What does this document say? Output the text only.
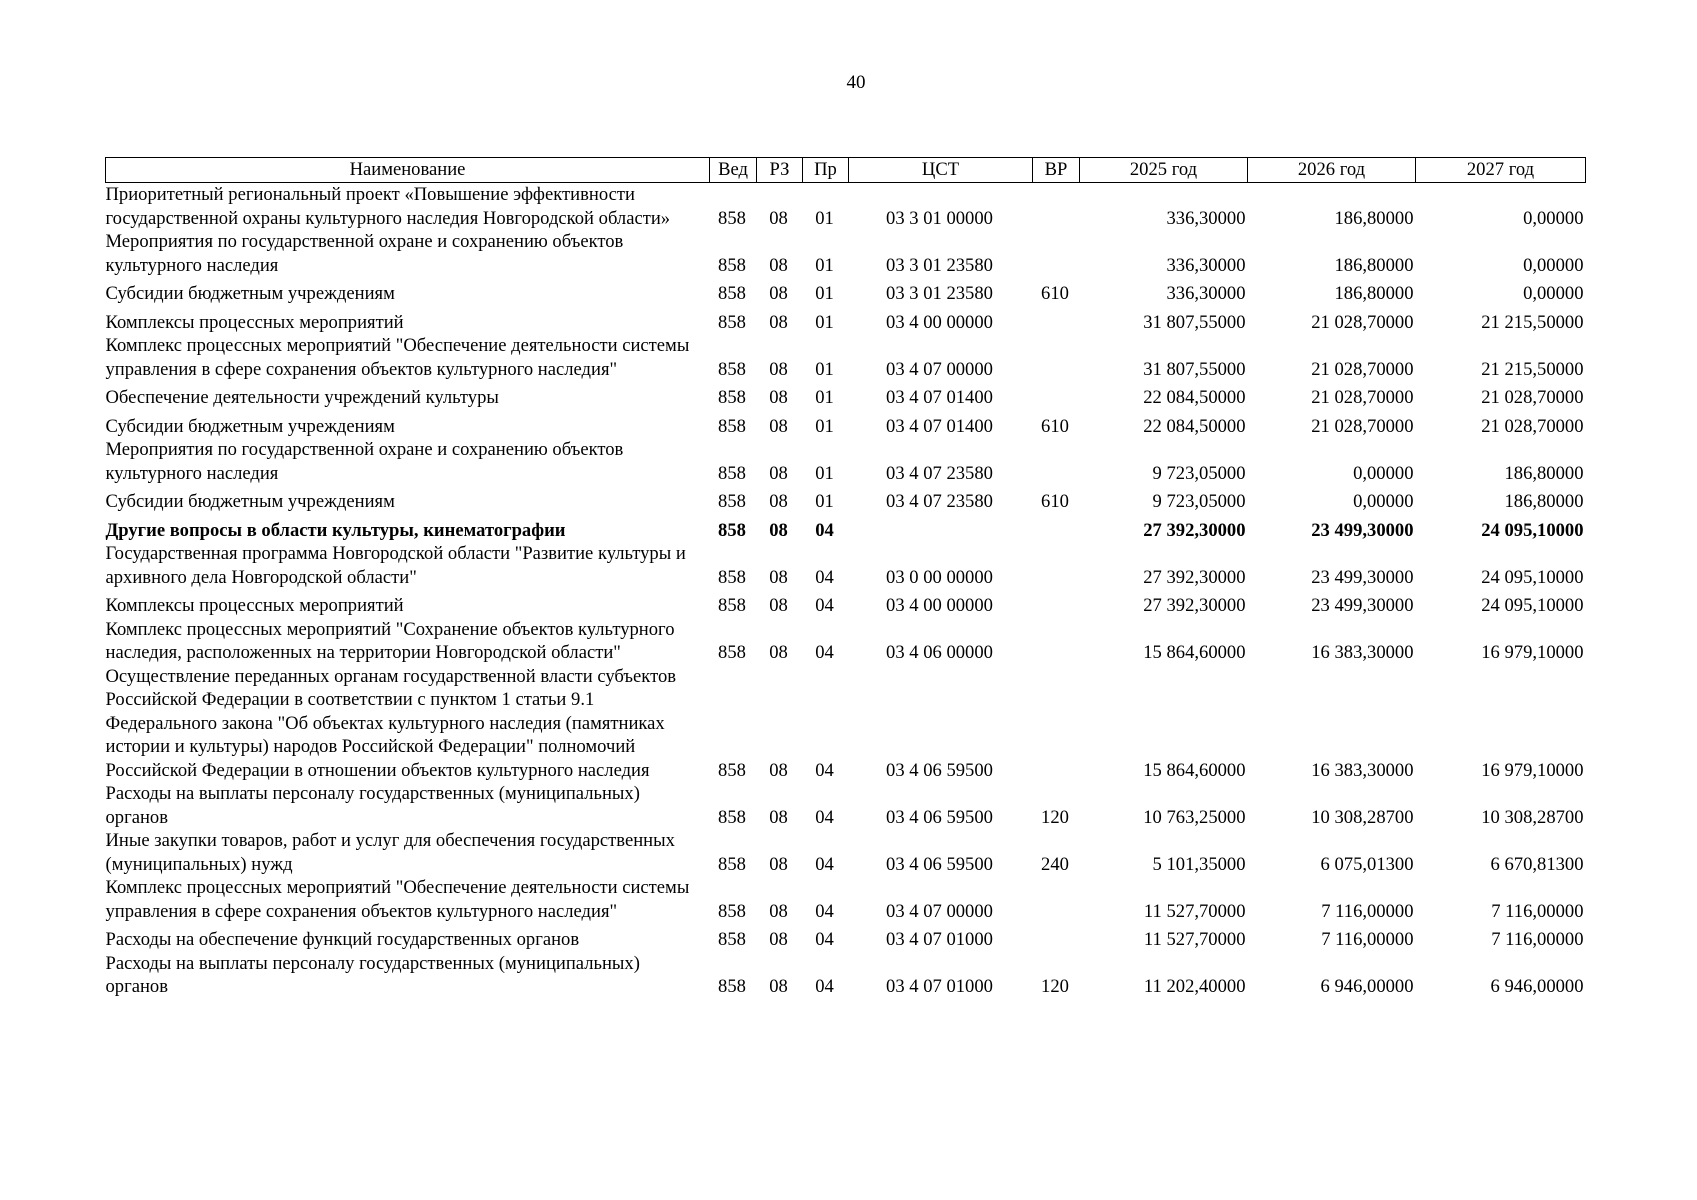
40
Наименование	Вед	РЗ	Пр	ЦСТ	ВР	2025 год	2026 год	2027 год
Приоритетный региональный проект «Повышение эффективности государственной охраны культурного наследия Новгородской области»	858	08	01	03 3 01 00000		336,30000	186,80000	0,00000
Мероприятия по государственной охране и сохранению объектов культурного наследия	858	08	01	03 3 01 23580		336,30000	186,80000	0,00000
Субсидии бюджетным учреждениям	858	08	01	03 3 01 23580	610	336,30000	186,80000	0,00000
Комплексы процессных мероприятий	858	08	01	03 4 00 00000		31 807,55000	21 028,70000	21 215,50000
Комплекс процессных мероприятий "Обеспечение деятельности системы управления в сфере сохранения объектов культурного наследия"	858	08	01	03 4 07 00000		31 807,55000	21 028,70000	21 215,50000
Обеспечение деятельности учреждений культуры	858	08	01	03 4 07 01400		22 084,50000	21 028,70000	21 028,70000
Субсидии бюджетным учреждениям	858	08	01	03 4 07 01400	610	22 084,50000	21 028,70000	21 028,70000
Мероприятия по государственной охране и сохранению объектов культурного наследия	858	08	01	03 4 07 23580		9 723,05000	0,00000	186,80000
Субсидии бюджетным учреждениям	858	08	01	03 4 07 23580	610	9 723,05000	0,00000	186,80000
Другие вопросы в области культуры, кинематографии	858	08	04			27 392,30000	23 499,30000	24 095,10000
Государственная программа Новгородской области "Развитие культуры и архивного дела Новгородской области"	858	08	04	03 0 00 00000		27 392,30000	23 499,30000	24 095,10000
Комплексы процессных мероприятий	858	08	04	03 4 00 00000		27 392,30000	23 499,30000	24 095,10000
Комплекс процессных мероприятий "Сохранение объектов культурного наследия, расположенных на территории Новгородской области"	858	08	04	03 4 06 00000		15 864,60000	16 383,30000	16 979,10000
Осуществление переданных органам государственной власти субъектов Российской Федерации в соответствии с пунктом 1 статьи 9.1 Федерального закона "Об объектах культурного наследия (памятниках истории и культуры) народов Российской Федерации" полномочий Российской Федерации в отношении объектов культурного наследия	858	08	04	03 4 06 59500		15 864,60000	16 383,30000	16 979,10000
Расходы на выплаты персоналу государственных (муниципальных) органов	858	08	04	03 4 06 59500	120	10 763,25000	10 308,28700	10 308,28700
Иные закупки товаров, работ и услуг для обеспечения государственных (муниципальных) нужд	858	08	04	03 4 06 59500	240	5 101,35000	6 075,01300	6 670,81300
Комплекс процессных мероприятий "Обеспечение деятельности системы управления в сфере сохранения объектов культурного наследия"	858	08	04	03 4 07 00000		11 527,70000	7 116,00000	7 116,00000
Расходы на обеспечение функций государственных органов	858	08	04	03 4 07 01000		11 527,70000	7 116,00000	7 116,00000
Расходы на выплаты персоналу государственных (муниципальных) органов	858	08	04	03 4 07 01000	120	11 202,40000	6 946,00000	6 946,00000
